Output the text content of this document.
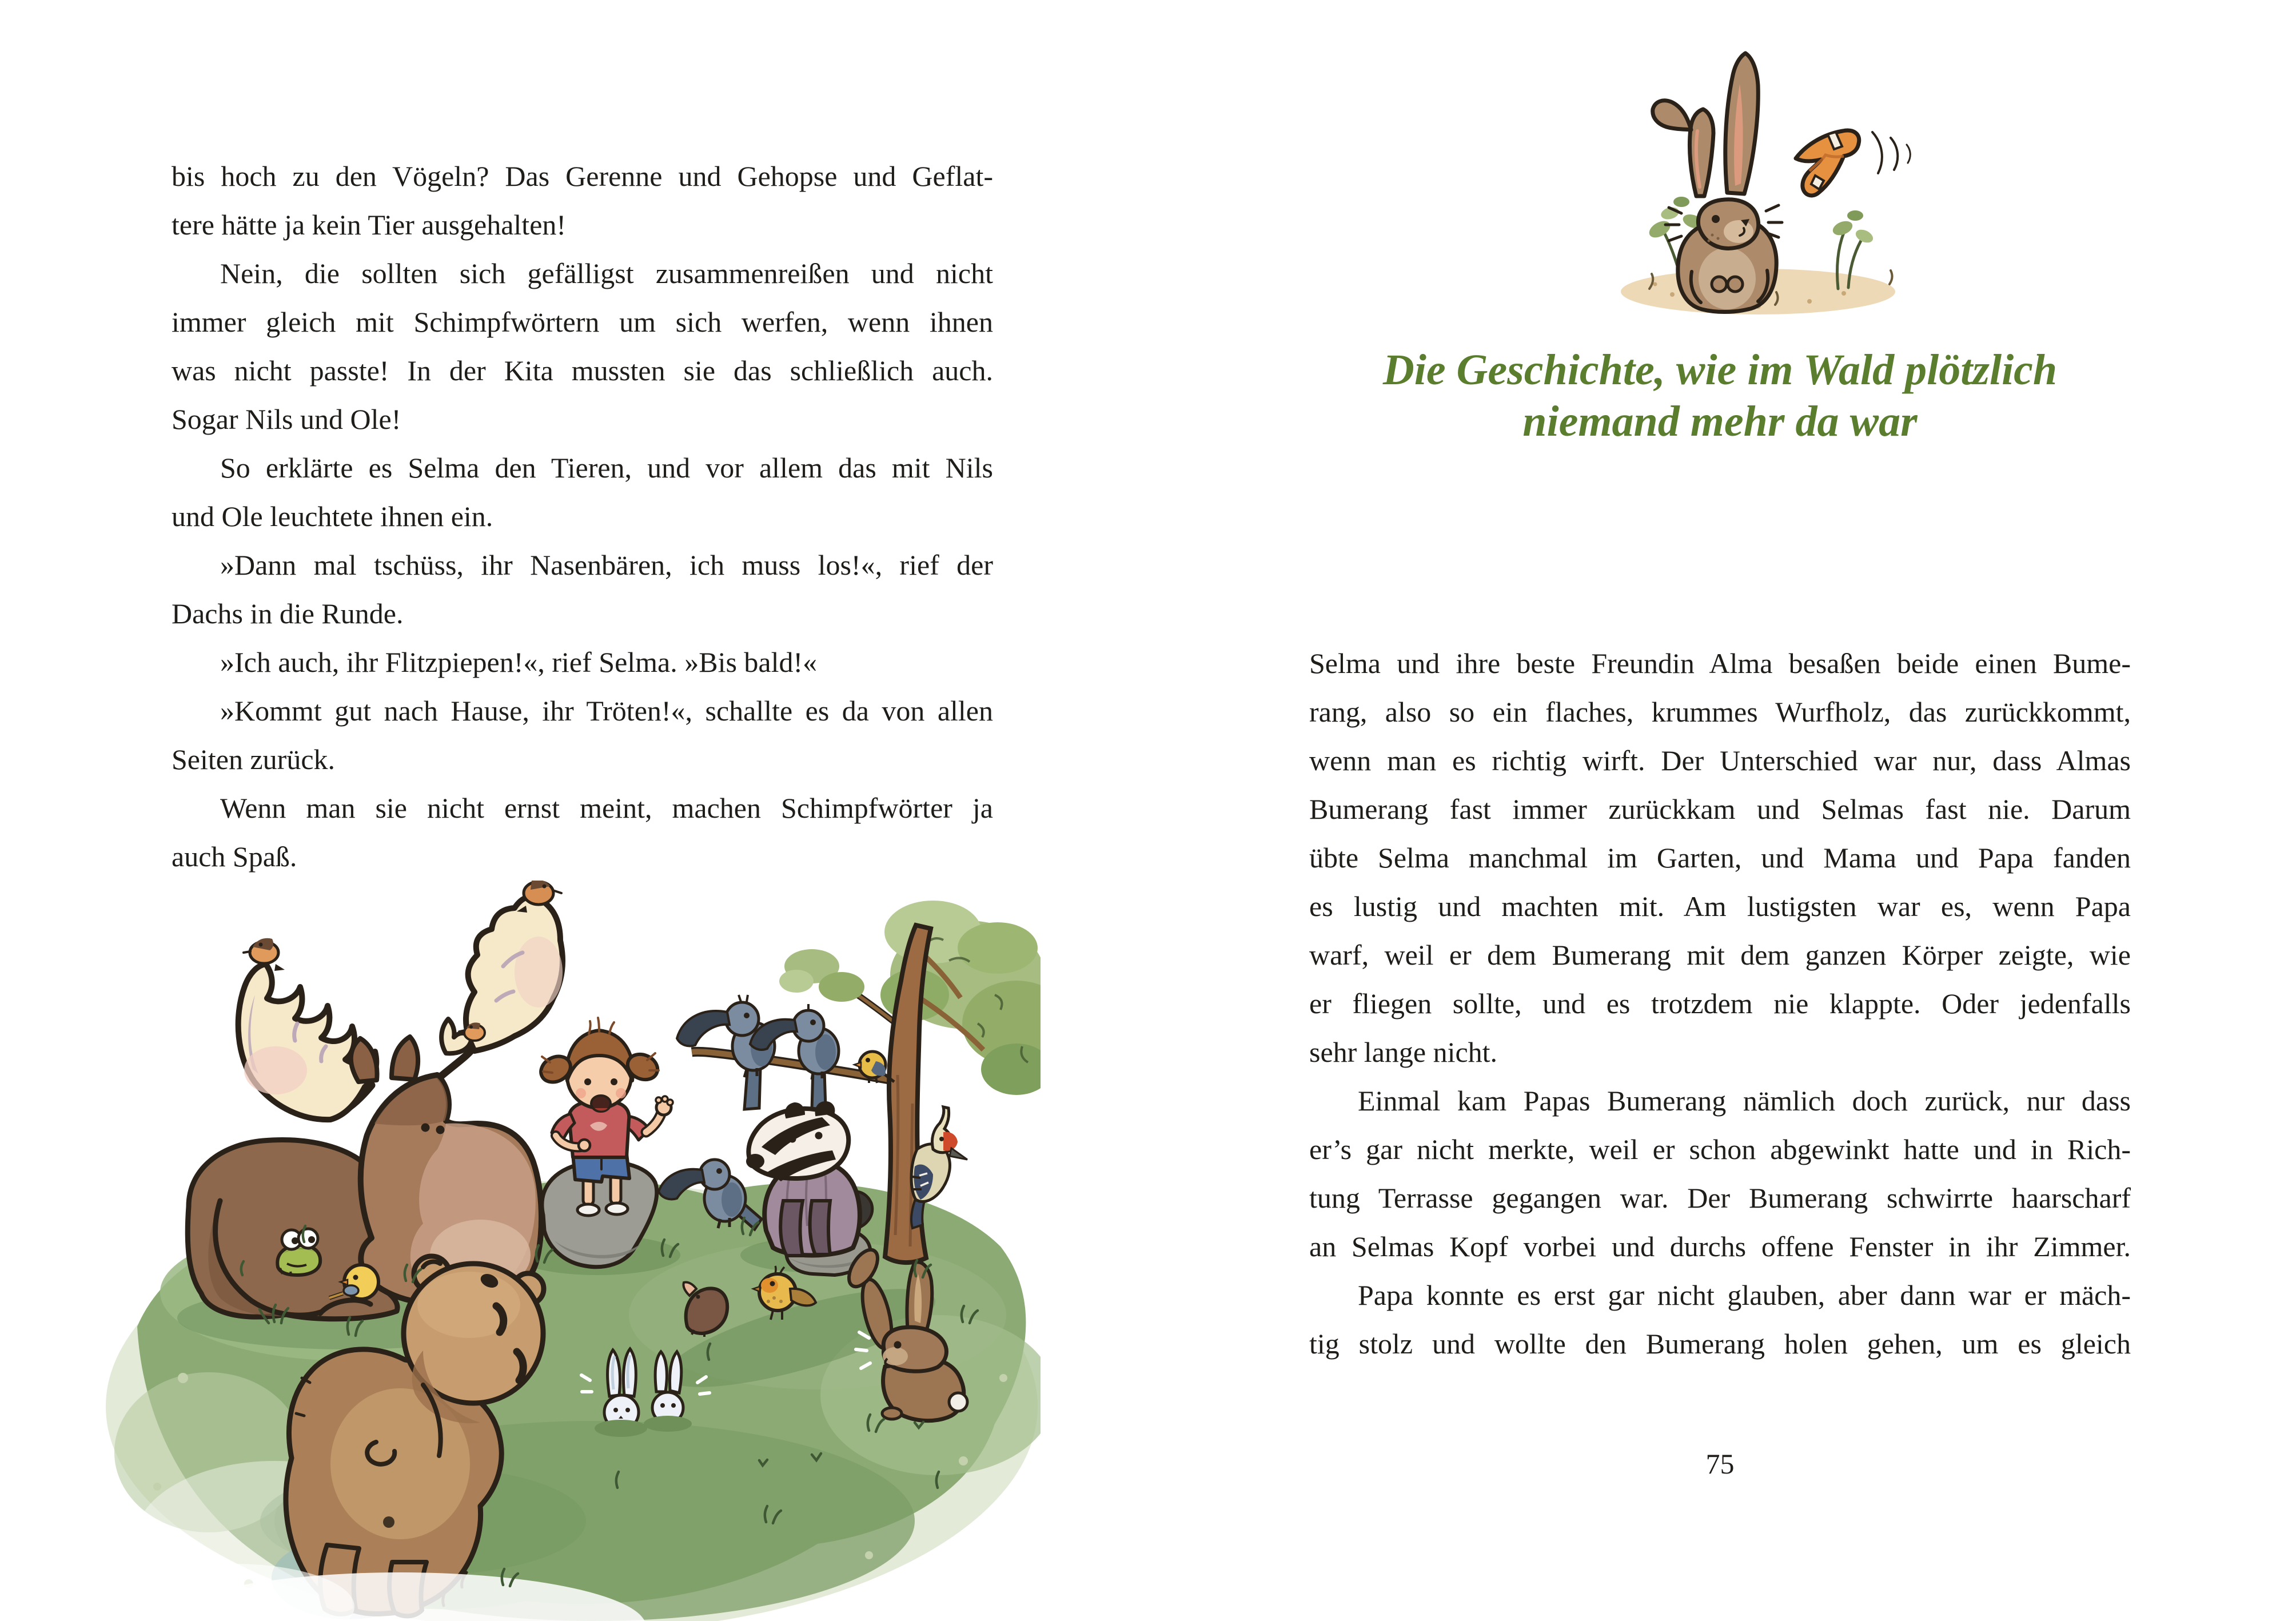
bis hoch zu den Vögeln? Das Gerenne und Gehopse und Geflat-
tere hätte ja kein Tier ausgehalten!
Nein, die sollten sich gefälligst zusammenreißen und nicht
immer gleich mit Schimpfwörtern um sich werfen, wenn ihnen
was nicht passte! In der Kita mussten sie das schließlich auch.
Sogar Nils und Ole!
So erklärte es Selma den Tieren, und vor allem das mit Nils
und Ole leuchtete ihnen ein.
»Dann mal tschüss, ihr Nasenbären, ich muss los!«, rief der
Dachs in die Runde.
»Ich auch, ihr Flitzpiepen!«, rief Selma. »Bis bald!«
»Kommt gut nach Hause, ihr Tröten!«, schallte es da von allen
Seiten zurück.
Wenn man sie nicht ernst meint, machen Schimpfwörter ja
auch Spaß.
Die Geschichte, wie im Wald plötzlich
niemand mehr da war
Selma und ihre beste Freundin Alma besaßen beide einen Bume-
rang, also so ein flaches, krummes Wurfholz, das zurückkommt,
wenn man es richtig wirft. Der Unterschied war nur, dass Almas
Bumerang fast immer zurückkam und Selmas fast nie. Darum
übte Selma manchmal im Garten, und Mama und Papa fanden
es lustig und machten mit. Am lustigsten war es, wenn Papa
warf, weil er dem Bumerang mit dem ganzen Körper zeigte, wie
er fliegen sollte, und es trotzdem nie klappte. Oder jedenfalls
sehr lange nicht.
Einmal kam Papas Bumerang nämlich doch zurück, nur dass
er’s gar nicht merkte, weil er schon abgewinkt hatte und in Rich-
tung Terrasse gegangen war. Der Bumerang schwirrte haarscharf
an Selmas Kopf vorbei und durchs offene Fenster in ihr Zimmer.
Papa konnte es erst gar nicht glauben, aber dann war er mäch-
tig stolz und wollte den Bumerang holen gehen, um es gleich
75
